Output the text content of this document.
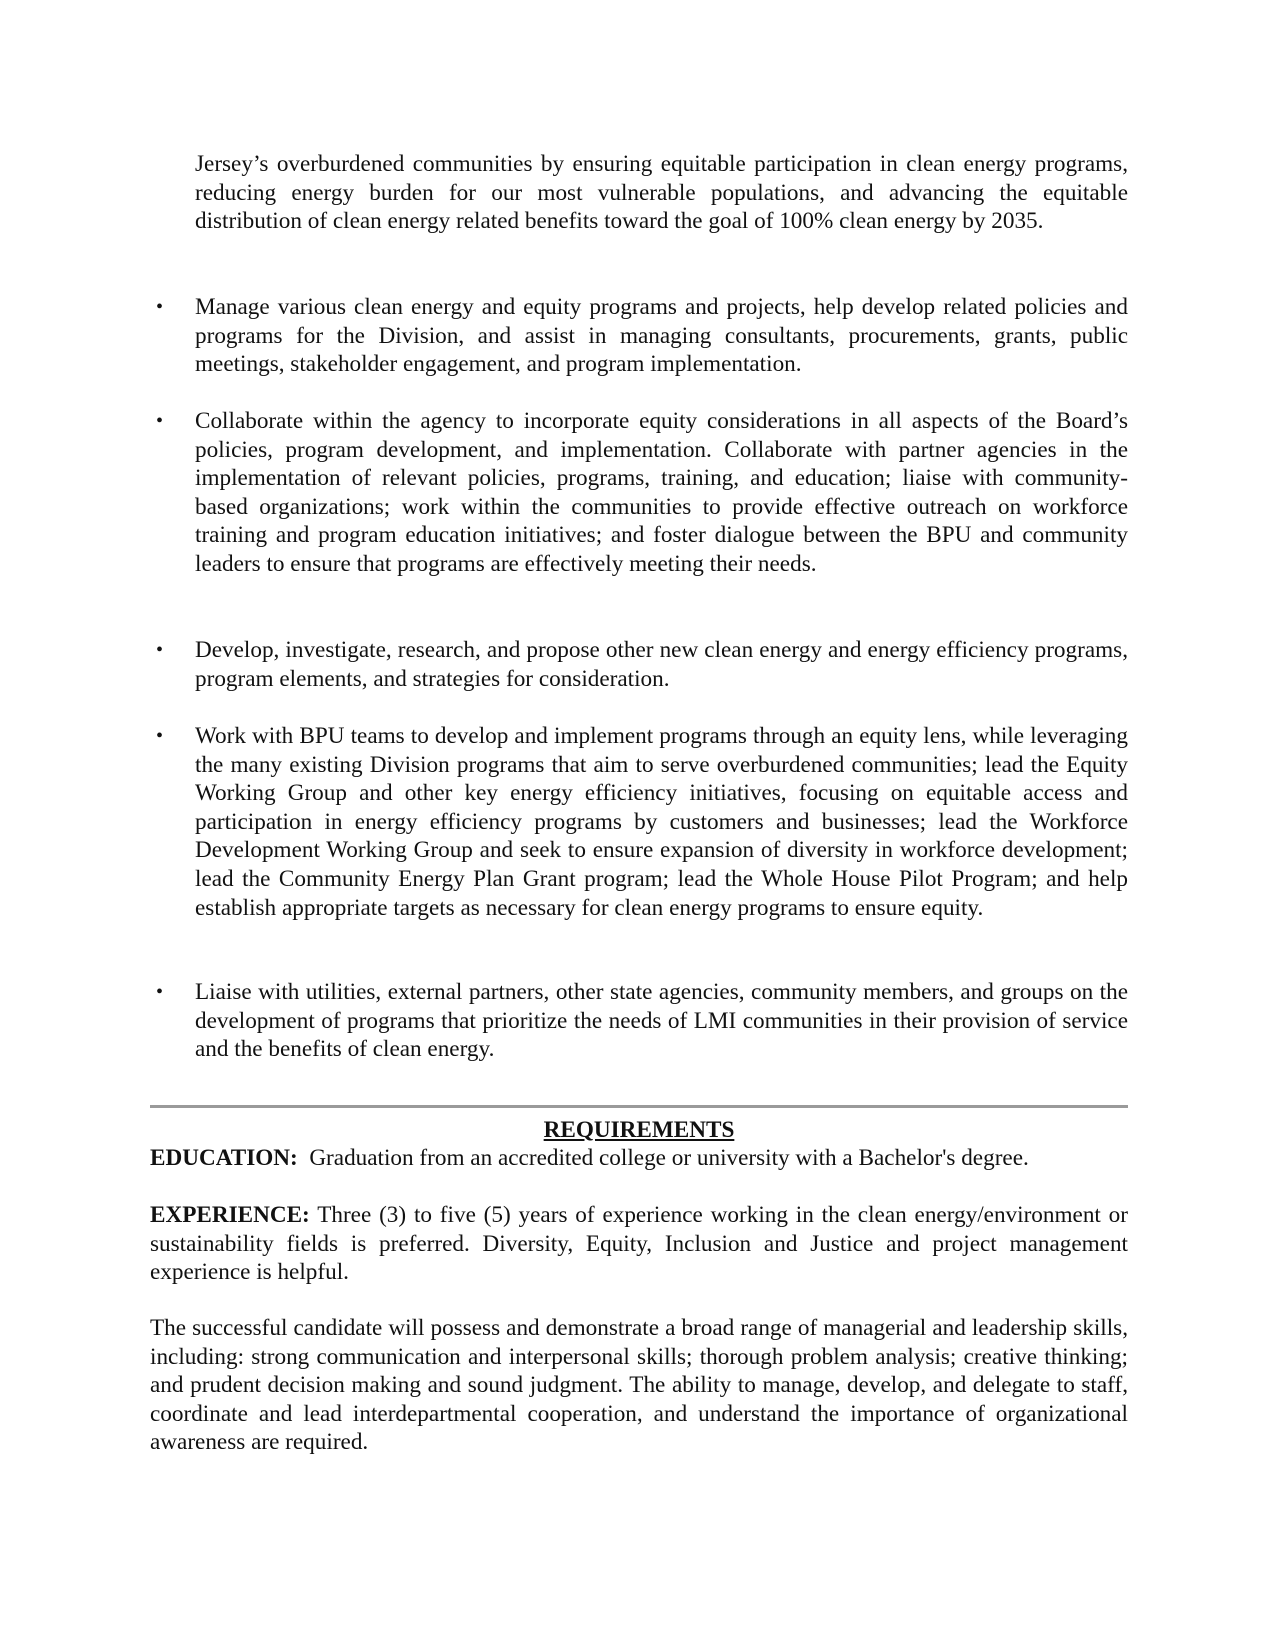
Jersey’s overburdened communities by ensuring equitable participation in clean energy programs, reducing energy burden for our most vulnerable populations, and advancing the equitable distribution of clean energy related benefits toward the goal of 100% clean energy by 2035.

• Manage various clean energy and equity programs and projects, help develop related policies and programs for the Division, and assist in managing consultants, procurements, grants, public meetings, stakeholder engagement, and program implementation.

• Collaborate within the agency to incorporate equity considerations in all aspects of the Board’s policies, program development, and implementation. Collaborate with partner agencies in the implementation of relevant policies, programs, training, and education; liaise with community-based organizations; work within the communities to provide effective outreach on workforce training and program education initiatives; and foster dialogue between the BPU and community leaders to ensure that programs are effectively meeting their needs.

• Develop, investigate, research, and propose other new clean energy and energy efficiency programs, program elements, and strategies for consideration.

• Work with BPU teams to develop and implement programs through an equity lens, while leveraging the many existing Division programs that aim to serve overburdened communities; lead the Equity Working Group and other key energy efficiency initiatives, focusing on equitable access and participation in energy efficiency programs by customers and businesses; lead the Workforce Development Working Group and seek to ensure expansion of diversity in workforce development; lead the Community Energy Plan Grant program; lead the Whole House Pilot Program; and help establish appropriate targets as necessary for clean energy programs to ensure equity.

• Liaise with utilities, external partners, other state agencies, community members, and groups on the development of programs that prioritize the needs of LMI communities in their provision of service and the benefits of clean energy.

REQUIREMENTS

EDUCATION: Graduation from an accredited college or university with a Bachelor's degree.

EXPERIENCE: Three (3) to five (5) years of experience working in the clean energy/environment or sustainability fields is preferred. Diversity, Equity, Inclusion and Justice and project management experience is helpful.

The successful candidate will possess and demonstrate a broad range of managerial and leadership skills, including: strong communication and interpersonal skills; thorough problem analysis; creative thinking; and prudent decision making and sound judgment. The ability to manage, develop, and delegate to staff, coordinate and lead interdepartmental cooperation, and understand the importance of organizational awareness are required.
